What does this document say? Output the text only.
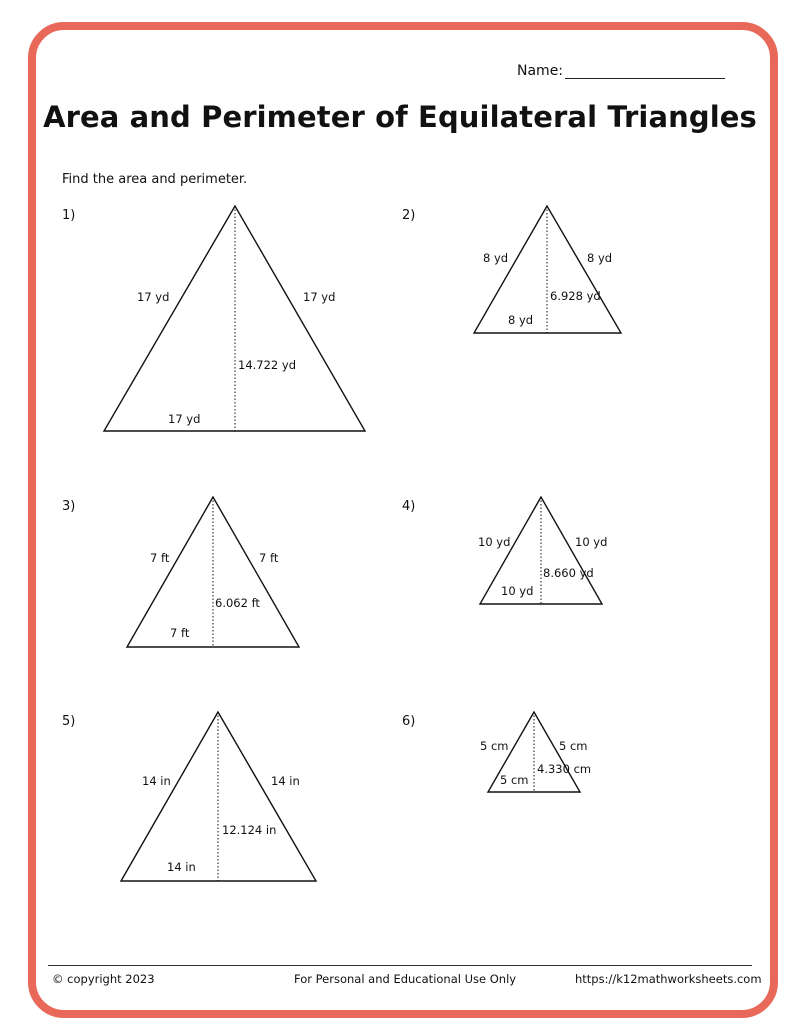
Name:
Area and Perimeter of Equilateral Triangles
Find the area and perimeter.
1)	2)
3)	4)
5)	6)
17 yd	17 yd
17 yd
14.722 yd
8 yd	8 yd
8 yd
6.928 yd
7 ft	7 ft
7 ft
6.062 ft
10 yd	10 yd
10 yd
8.660 yd
14 in	14 in
14 in
12.124 in
5 cm	5 cm
5 cm
4.330 cm
© copyright 2023	For Personal and Educational Use Only	https://k12mathworksheets.com
